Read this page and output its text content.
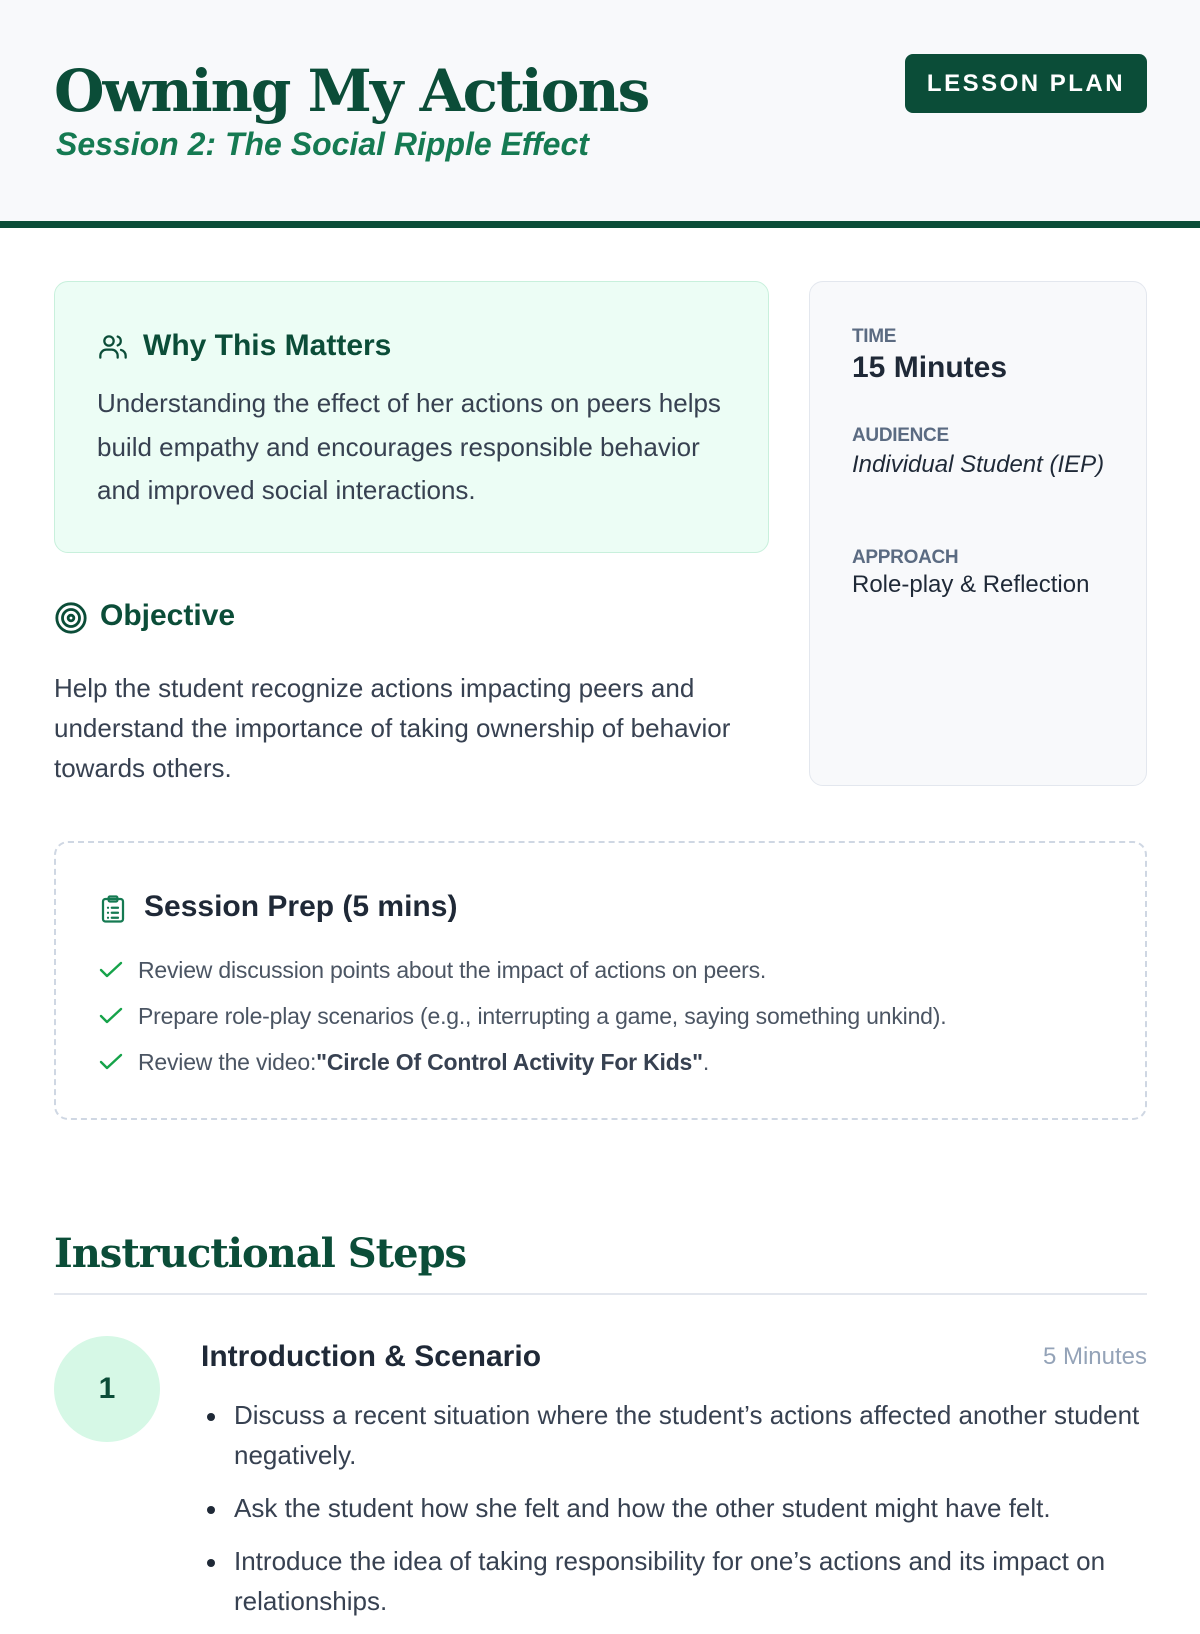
Owning My Actions
Session 2: The Social Ripple Effect
LESSON PLAN
Why This Matters
Understanding the effect of her actions on peers helps build empathy and encourages responsible behavior and improved social interactions.
Objective
Help the student recognize actions impacting peers and understand the importance of taking ownership of behavior towards others.
TIME
15 Minutes
AUDIENCE
Individual Student (IEP)
APPROACH
Role-play & Reflection
Session Prep (5 mins)
Review discussion points about the impact of actions on peers.
Prepare role-play scenarios (e.g., interrupting a game, saying something unkind).
Review the video:"Circle Of Control Activity For Kids".
Instructional Steps
1
Introduction & Scenario	5 Minutes
Discuss a recent situation where the student’s actions affected another student negatively.
Ask the student how she felt and how the other student might have felt.
Introduce the idea of taking responsibility for one’s actions and its impact on relationships.
